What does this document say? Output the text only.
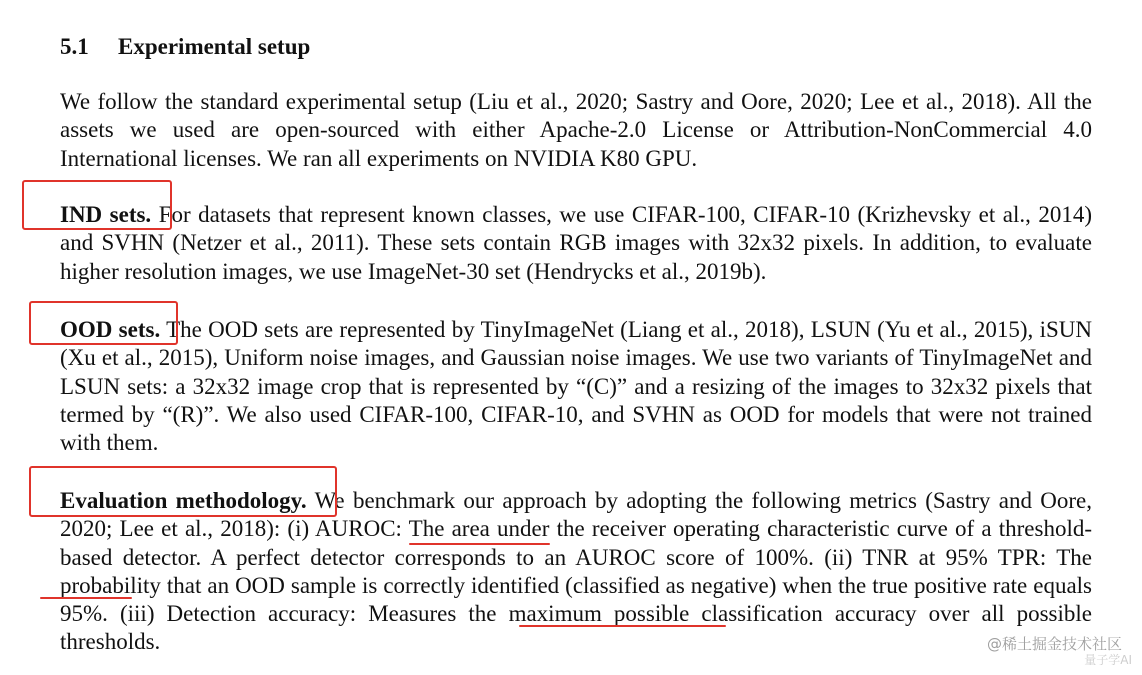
5.1 Experimental setup
We follow the standard experimental setup (Liu et al., 2020; Sastry and Oore, 2020; Lee et al., 2018). All the assets we used are open-sourced with either Apache-2.0 License or Attribution-NonCommercial 4.0 International licenses. We ran all experiments on NVIDIA K80 GPU.
IND sets. For datasets that represent known classes, we use CIFAR-100, CIFAR-10 (Krizhevsky et al., 2014) and SVHN (Netzer et al., 2011). These sets contain RGB images with 32x32 pixels. In addition, to evaluate higher resolution images, we use ImageNet-30 set (Hendrycks et al., 2019b).
OOD sets. The OOD sets are represented by TinyImageNet (Liang et al., 2018), LSUN (Yu et al., 2015), iSUN (Xu et al., 2015), Uniform noise images, and Gaussian noise images. We use two variants of TinyImageNet and LSUN sets: a 32x32 image crop that is represented by “(C)” and a resizing of the images to 32x32 pixels that termed by “(R)”. We also used CIFAR-100, CIFAR-10, and SVHN as OOD for models that were not trained with them.
Evaluation methodology. We benchmark our approach by adopting the following metrics (Sastry and Oore, 2020; Lee et al., 2018): (i) AUROC: The area under the receiver operating characteristic curve of a threshold-based detector. A perfect detector corresponds to an AUROC score of 100%. (ii) TNR at 95% TPR: The probability that an OOD sample is correctly identified (classified as negative) when the true positive rate equals 95%. (iii) Detection accuracy: Measures the maximum possible classification accuracy over all possible thresholds.	@稀土掘金技术社区
量子学AI
